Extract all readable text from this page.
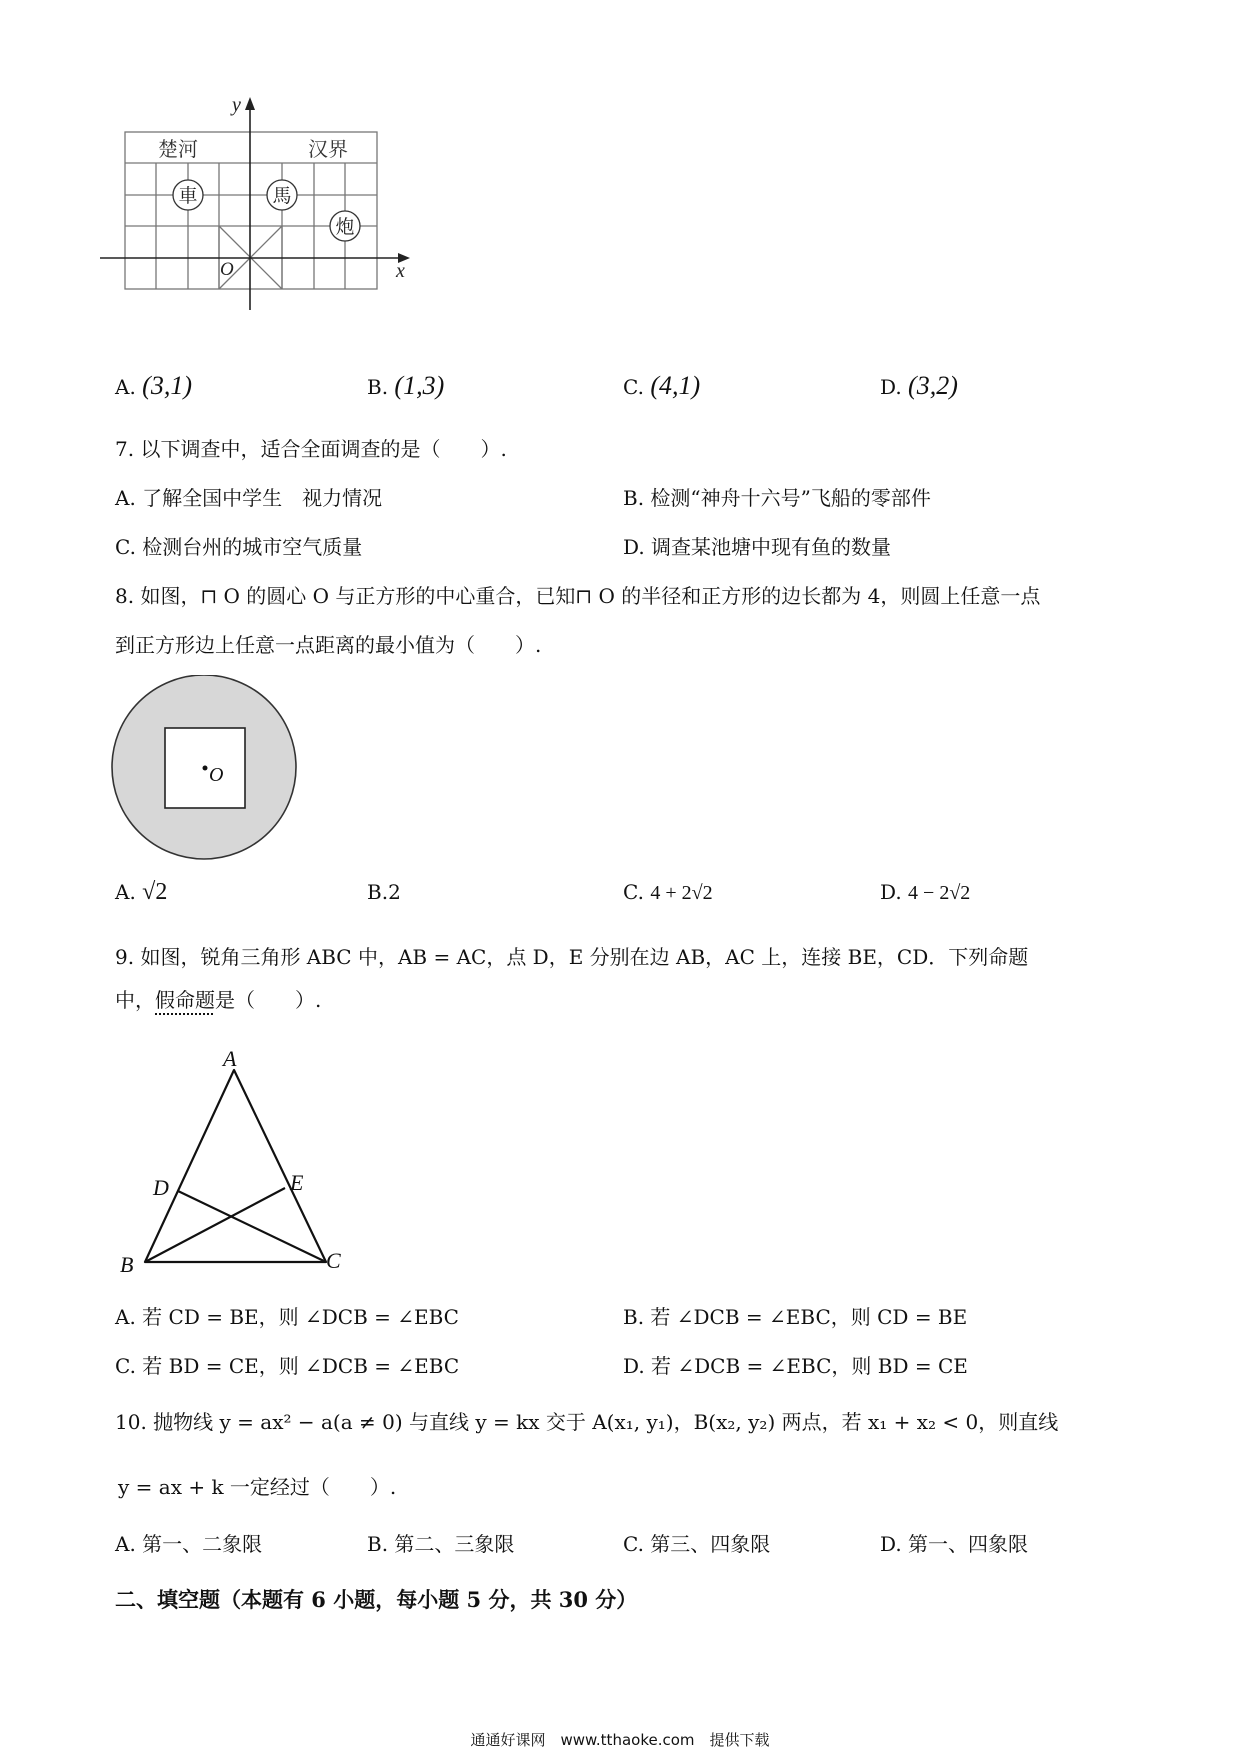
y
x
O
楚河	汉界
車	馬
炮
A. (3,1)	B. (1,3)	C. (4,1)	D. (3,2)
7. 以下调查中，适合全面调查的是（　　）.
A. 了解全国中学生　视力情况	B. 检测“神舟十六号”飞船的零部件
C. 检测台州的城市空气质量	D. 调查某池塘中现有鱼的数量
8. 如图，⊓ O 的圆心 O 与正方形的中心重合，已知⊓ O 的半径和正方形的边长都为 4，则圆上任意一点
到正方形边上任意一点距离的最小值为（　　）.
O
A. √2	B.2	C. 4 + 2√2	D. 4 − 2√2
9. 如图，锐角三角形 ABC 中，AB = AC，点 D，E 分别在边 AB，AC 上，连接 BE，CD．下列命题
中，假命题是（　　）.
A
B	C
D	E
A. 若 CD = BE，则 ∠DCB = ∠EBC	B. 若 ∠DCB = ∠EBC，则 CD = BE
C. 若 BD = CE，则 ∠DCB = ∠EBC	D. 若 ∠DCB = ∠EBC，则 BD = CE
10. 抛物线 y = ax² − a(a ≠ 0) 与直线 y = kx 交于 A(x₁, y₁)，B(x₂, y₂) 两点，若 x₁ + x₂ < 0，则直线
y = ax + k 一定经过（　　）.
A. 第一、二象限	B. 第二、三象限	C. 第三、四象限	D. 第一、四象限
二、填空题（本题有 6 小题，每小题 5 分，共 30 分）
通通好课网　www.tthaoke.com　提供下载
